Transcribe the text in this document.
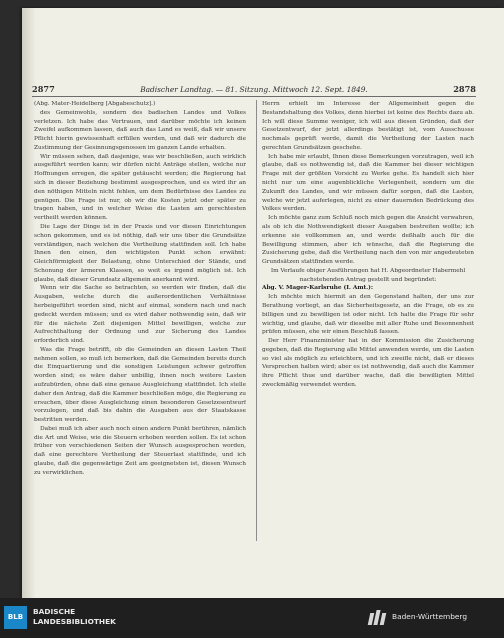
2877	Badischer Landtag. — 81. Sitzung. Mittwoch 12. Sept. 1849.	2878

(Abg. Mater-Heidelberg [Abgabeschutz].)

des Gemeinwohls, sondern des badischen Landes und Volkes verletzen. Ich habe das Vertrauen, und darüber möchte ich keinen Zweifel aufkommen lassen, daß auch das Land es weiß, daß wir unsere Pflicht hierin gewissenhaft erfüllen werden, und daß wir dadurch die Zustimmung der Gesinnungsgenossen im ganzen Lande erhalten.

Wir müssen sehen, daß dasjenige, was wir beschließen, auch wirklich ausgeführt werden kann; wir dürfen nicht Anträge stellen, welche nur Hoffnungen erregen, die später getäuscht werden; die Regierung hat sich in dieser Beziehung bestimmt ausgesprochen, und es wird ihr an den nöthigen Mitteln nicht fehlen, um dem Bedürfnisse des Landes zu genügen. Die Frage ist nur, ob wir die Kosten jetzt oder später zu tragen haben, und in welcher Weise die Lasten am gerechtesten vertheilt werden können.

Die Lage der Dinge ist in der Praxis und vor diesen Einrichtungen schon gekommen, und es ist nöthig, daß wir uns über die Grundsätze verständigen, nach welchen die Vertheilung stattfinden soll. Ich habe Ihnen den einen, den wichtigsten Punkt schon erwähnt: Gleichförmigkeit der Belastung, ohne Unterschied der Stände, und Schonung der ärmeren Klassen, so weit es irgend möglich ist. Ich glaube, daß dieser Grundsatz allgemein anerkannt wird.

Wenn wir die Sache so betrachten, so werden wir finden, daß die Ausgaben, welche durch die außerordentlichen Verhältnisse herbeigeführt worden sind, nicht auf einmal, sondern nach und nach gedeckt werden müssen; und es wird daher nothwendig sein, daß wir für die nächste Zeit diejenigen Mittel bewilligen, welche zur Aufrechthaltung der Ordnung und zur Sicherung des Landes erforderlich sind.

Was die Frage betrifft, ob die Gemeinden an diesen Lasten Theil nehmen sollen, so muß ich bemerken, daß die Gemeinden bereits durch die Einquartierung und die sonstigen Leistungen schwer getroffen worden sind; es wäre daher unbillig, ihnen noch weitere Lasten aufzubürden, ohne daß eine genaue Ausgleichung stattfindet. Ich stelle daher den Antrag, daß die Kammer beschließen möge, die Regierung zu ersuchen, über diese Ausgleichung einen besonderen Gesetzesentwurf vorzulegen, und daß bis dahin die Ausgaben aus der Staatskasse bestritten werden.

Dabei muß ich aber auch noch einen andern Punkt berühren, nämlich die Art und Weise, wie die Steuern erhoben werden sollen. Es ist schon früher von verschiedenen Seiten der Wunsch ausgesprochen worden, daß eine gerechtere Vertheilung der Steuerlast stattfinde, und ich glaube, daß die gegenwärtige Zeit am geeignetsten ist, diesen Wunsch zu verwirklichen.

Herrn erhielt im Interesse der Allgemeinheit gegen die Bestandshaltung des Volkes, denn hierbei ist keine des Rechts dazu ab. Ich will diese Summe weniger, ich will aus diesen Gründen, daß der Gesetzentwurf, der jetzt allerdings bestätigt ist, vom Ausschusse nochmals geprüft werde, damit die Vertheilung der Lasten nach gerechten Grundsätzen geschehe.

Ich habe mir erlaubt, Ihnen diese Bemerkungen vorzutragen, weil ich glaube, daß es nothwendig ist, daß die Kammer bei dieser wichtigen Frage mit der größten Vorsicht zu Werke gehe. Es handelt sich hier nicht nur um eine augenblickliche Verlegenheit, sondern um die Zukunft des Landes, und wir müssen dafür sorgen, daß die Lasten, welche wir jetzt auferlegen, nicht zu einer dauernden Bedrückung des Volkes werden.

Ich möchte ganz zum Schluß noch mich gegen die Ansicht verwahren, als ob ich die Nothwendigkeit dieser Ausgaben bestreiten wollte; ich erkenne sie vollkommen an, und werde deßhalb auch für die Bewilligung stimmen, aber ich wünsche, daß die Regierung die Zusicherung gebe, daß die Vertheilung nach den von mir angedeuteten Grundsätzen stattfinden werde.

Im Verlaufe obiger Ausführungen hat H. Abgeordneter Habermehl nachstehenden Antrag gestellt und begründet:

Abg. V. Mager-Karlsruhe (I. Amt.):

Ich möchte mich hiermit an den Gegenstand halten, der uns zur Berathung vorliegt, an das Sicherheitsgesetz, an die Frage, ob es zu billigen und zu bewilligen ist oder nicht. Ich halte die Frage für sehr wichtig, und glaube, daß wir dieselbe mit aller Ruhe und Besonnenheit prüfen müssen, ehe wir einen Beschluß fassen.

Der Herr Finanzminister hat in der Kommission die Zusicherung gegeben, daß die Regierung alle Mittel anwenden werde, um die Lasten so viel als möglich zu erleichtern, und ich zweifle nicht, daß er dieses Versprechen halten wird; aber es ist nothwendig, daß auch die Kammer ihre Pflicht thue und darüber wache, daß die bewilligten Mittel zweckmäßig verwendet werden.

BLB
BADISCHE
LANDESBIBLIOTHEK
Baden-Württemberg
